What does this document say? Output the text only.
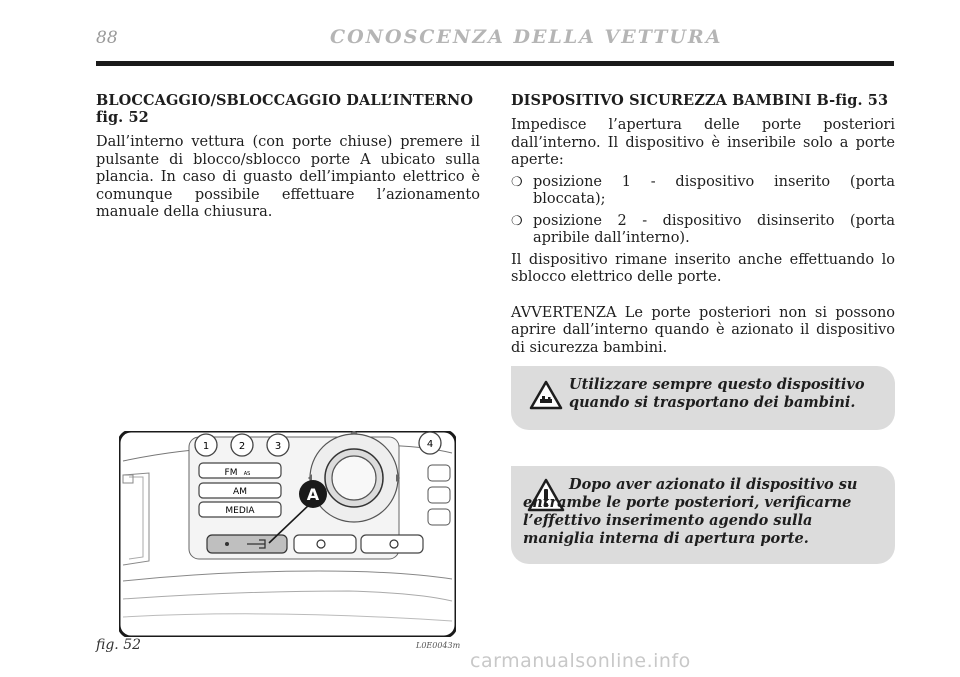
88	CONOSCENZA DELLA VETTURA
BLOCCAGGIO/SBLOCCAGGIO DALL’INTERNO fig. 52
Dall’interno vettura (con porte chiuse) premere il pulsante di blocco/sblocco porte A ubicato sulla plancia. In caso di guasto dell’impianto elettrico è comunque possibile effettuare l’azionamento manuale della chiusura.
DISPOSITIVO SICUREZZA BAMBINI B-fig. 53
Impedisce l’apertura delle porte posteriori dall’interno. Il dispositivo è inseribile solo a porte aperte:
❍ posizione 1 - dispositivo inserito (porta bloccata);
❍ posizione 2 - dispositivo disinserito (porta apribile dall’interno).
Il dispositivo rimane inserito anche effettuando lo sblocco elettrico delle porte.
AVVERTENZA Le porte posteriori non si possono aprire dall’interno quando è azionato il dispositivo di sicurezza bambini.
Utilizzare sempre questo dispositivo quando si trasportano dei bambini.
Dopo aver azionato il dispositivo su entrambe le porte posteriori, verificarne l’effettivo inserimento agendo sulla maniglia interna di apertura porte.
1	2	3	4
FM AS
AM
MEDIA
A
fig. 52	L0E0043m
carmanualsonline.info
